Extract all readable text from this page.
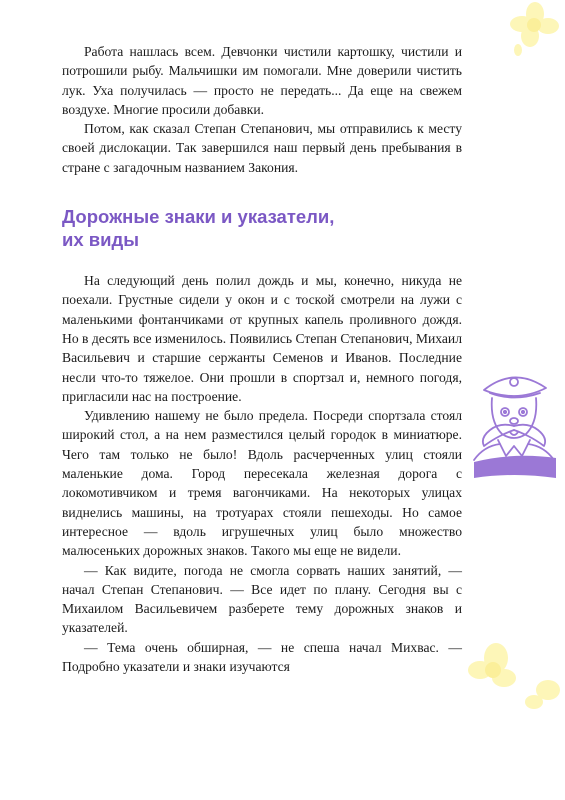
Работа нашлась всем. Девчонки чистили картошку, чистили и потрошили рыбу. Мальчишки им помогали. Мне доверили чистить лук. Уха получилась — просто не передать... Да еще на свежем воздухе. Многие просили добавки.

Потом, как сказал Степан Степанович, мы отправились к месту своей дислокации. Так завершился наш первый день пребывания в стране с загадочным названием Закония.

Дорожные знаки и указатели,
их виды

На следующий день полил дождь и мы, конечно, никуда не поехали. Грустные сидели у окон и с тоской смотрели на лужи с маленькими фонтанчиками от крупных капель проливного дождя. Но в десять все изменилось. Появились Степан Степанович, Михаил Васильевич и старшие сержанты Семенов и Иванов. Последние несли что-то тяжелое. Они прошли в спортзал и, немного погодя, пригласили нас на построение.

Удивлению нашему не было предела. Посреди спортзала стоял широкий стол, а на нем разместился целый городок в миниатюре. Чего там только не было! Вдоль расчерченных улиц стояли маленькие дома. Город пересекала железная дорога с локомотивчиком и тремя вагончиками. На некоторых улицах виднелись машины, на тротуарах стояли пешеходы. Но самое интересное — вдоль игрушечных улиц было множество малюсеньких дорожных знаков. Такого мы еще не видели.

— Как видите, погода не смогла сорвать наших занятий, — начал Степан Степанович. — Все идет по плану. Сегодня вы с Михаилом Васильевичем разберете тему дорожных знаков и указателей.

— Тема очень обширная, — не спеша начал Михвас. — Подробно указатели и знаки изучаются

Степанов
